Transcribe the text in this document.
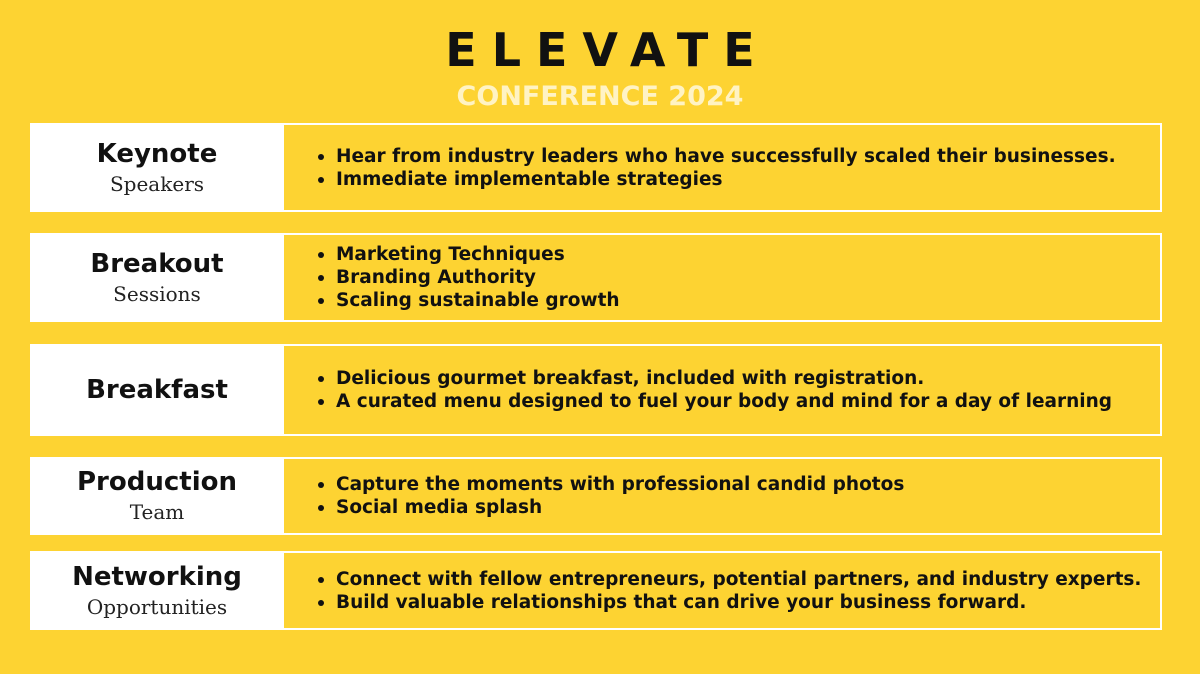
ELEVATE
CONFERENCE 2024
Keynote
Speakers
Hear from industry leaders who have successfully scaled their businesses.
Immediate implementable strategies
Breakout
Sessions
Marketing Techniques
Branding Authority
Scaling sustainable growth
Breakfast	Delicious gourmet breakfast, included with registration.
A curated menu designed to fuel your body and mind for a day of learning
Production
Team
Capture the moments with professional candid photos
Social media splash
Networking
Opportunities
Connect with fellow entrepreneurs, potential partners, and industry experts.
Build valuable relationships that can drive your business forward.
